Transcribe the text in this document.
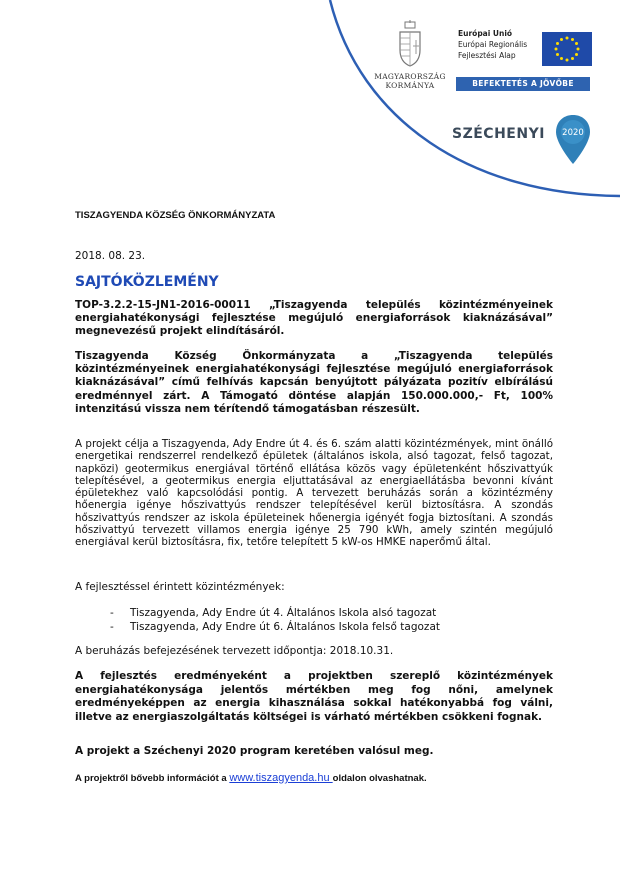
MAGYARORSZÁG
KORMÁNYA
Európai Unió
Európai Regionális
Fejlesztési Alap
BEFEKTETÉS A JÖVŐBE
SZÉCHENYI 2020
TISZAGYENDA KÖZSÉG ÖNKORMÁNYZATA
2018. 08. 23.
SAJTÓKÖZLEMÉNY
TOP-3.2.2-15-JN1-2016-00011 „Tiszagyenda település közintézményeinek energiahatékonysági fejlesztése megújuló energiaforrások kiaknázásával” megnevezésű projekt elindításáról.
Tiszagyenda Község Önkormányzata a „Tiszagyenda település közintézményeinek energiahatékonysági fejlesztése megújuló energiaforrások kiaknázásával” című felhívás kapcsán benyújtott pályázata pozitív elbírálású eredménnyel zárt. A Támogató döntése alapján 150.000.000,- Ft, 100% intenzitású vissza nem térítendő támogatásban részesült.
A projekt célja a Tiszagyenda, Ady Endre út 4. és 6. szám alatti közintézmények, mint önálló energetikai rendszerrel rendelkező épületek (általános iskola, alsó tagozat, felső tagozat, napközi) geotermikus energiával történő ellátása közös vagy épületenként hőszivattyúk telepítésével, a geotermikus energia eljuttatásával az energiaellátásba bevonni kívánt épületekhez való kapcsolódási pontig. A tervezett beruházás során a közintézmény hőenergia igénye hőszivattyús rendszer telepítésével kerül biztosításra. A szondás hőszivattyús rendszer az iskola épületeinek hőenergia igényét fogja biztosítani. A szondás hőszivattyú tervezett villamos energia igénye 25 790 kWh, amely szintén megújuló energiával kerül biztosításra, fix, tetőre telepített 5 kW-os HMKE naperőmű által.
A fejlesztéssel érintett közintézmények:
- Tiszagyenda, Ady Endre út 4. Általános Iskola alsó tagozat
- Tiszagyenda, Ady Endre út 6. Általános Iskola felső tagozat
A beruházás befejezésének tervezett időpontja: 2018.10.31.
A fejlesztés eredményeként a projektben szereplő közintézmények energiahatékonysága jelentős mértékben meg fog nőni, amelynek eredményeképpen az energia kihasználása sokkal hatékonyabbá fog válni, illetve az energiaszolgáltatás költségei is várható mértékben csökkeni fognak.
A projekt a Széchenyi 2020 program keretében valósul meg.
A projektről bővebb információt a www.tiszagyenda.hu oldalon olvashatnak.
